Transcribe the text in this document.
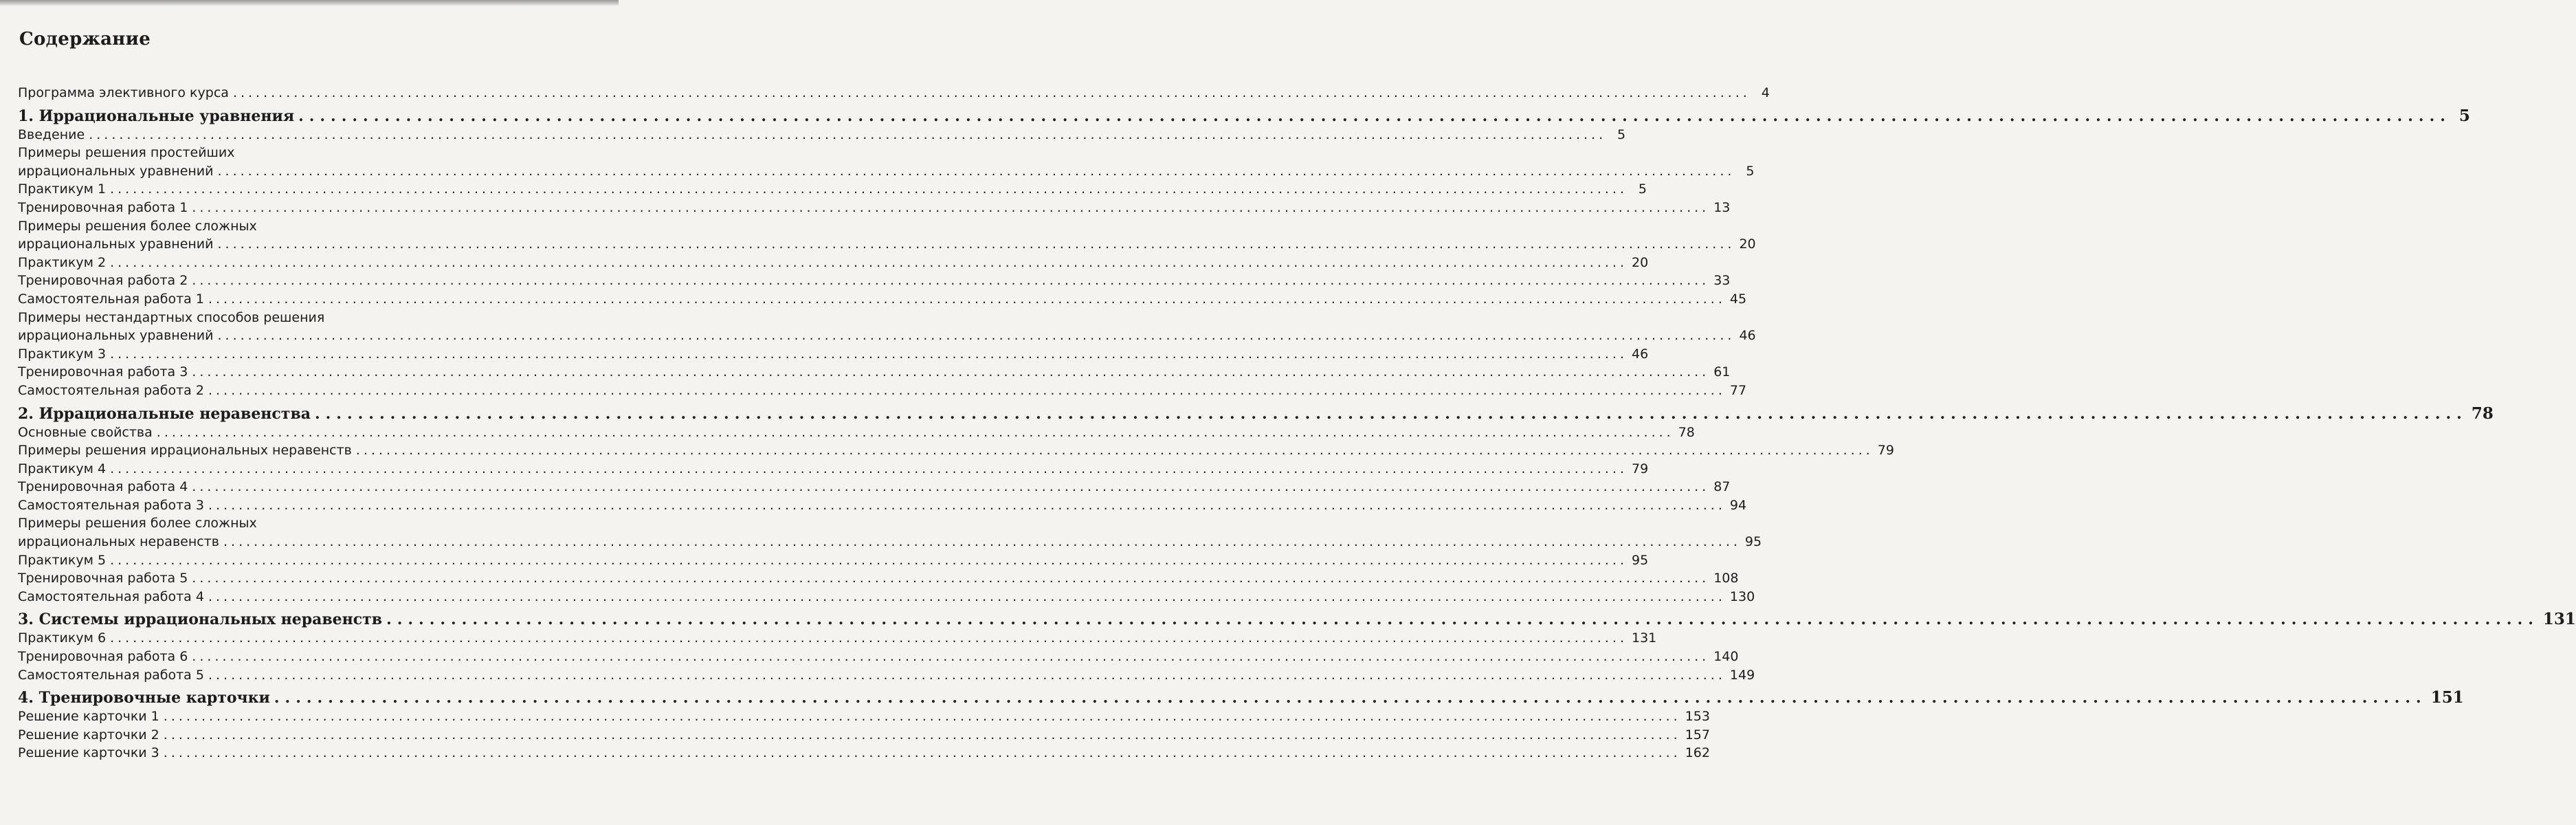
Содержание
Программа элективного курса ........................................................................................................................................................................................................ 4
1. Иррациональные уравнения ........................................................................................................................................................................................................ 5
Введение ........................................................................................................................................................................................................ 5
Примеры решения простейших
иррациональных уравнений ........................................................................................................................................................................................................ 5
Практикум 1 ........................................................................................................................................................................................................ 5
Тренировочная работа 1 ........................................................................................................................................................................................................ 13
Примеры решения более сложных
иррациональных уравнений ........................................................................................................................................................................................................ 20
Практикум 2 ........................................................................................................................................................................................................ 20
Тренировочная работа 2 ........................................................................................................................................................................................................ 33
Самостоятельная работа 1 ........................................................................................................................................................................................................ 45
Примеры нестандартных способов решения
иррациональных уравнений ........................................................................................................................................................................................................ 46
Практикум 3 ........................................................................................................................................................................................................ 46
Тренировочная работа 3 ........................................................................................................................................................................................................ 61
Самостоятельная работа 2 ........................................................................................................................................................................................................ 77
2. Иррациональные неравенства ........................................................................................................................................................................................................ 78
Основные свойства ........................................................................................................................................................................................................ 78
Примеры решения иррациональных неравенств ........................................................................................................................................................................................................ 79
Практикум 4 ........................................................................................................................................................................................................ 79
Тренировочная работа 4 ........................................................................................................................................................................................................ 87
Самостоятельная работа 3 ........................................................................................................................................................................................................ 94
Примеры решения более сложных
иррациональных неравенств ........................................................................................................................................................................................................ 95
Практикум 5 ........................................................................................................................................................................................................ 95
Тренировочная работа 5 ........................................................................................................................................................................................................ 108
Самостоятельная работа 4 ........................................................................................................................................................................................................ 130
3. Системы иррациональных неравенств ........................................................................................................................................................................................................ 131
Практикум 6 ........................................................................................................................................................................................................ 131
Тренировочная работа 6 ........................................................................................................................................................................................................ 140
Самостоятельная работа 5 ........................................................................................................................................................................................................ 149
4. Тренировочные карточки ........................................................................................................................................................................................................ 151
Решение карточки 1 ........................................................................................................................................................................................................ 153
Решение карточки 2 ........................................................................................................................................................................................................ 157
Решение карточки 3 ........................................................................................................................................................................................................ 162
